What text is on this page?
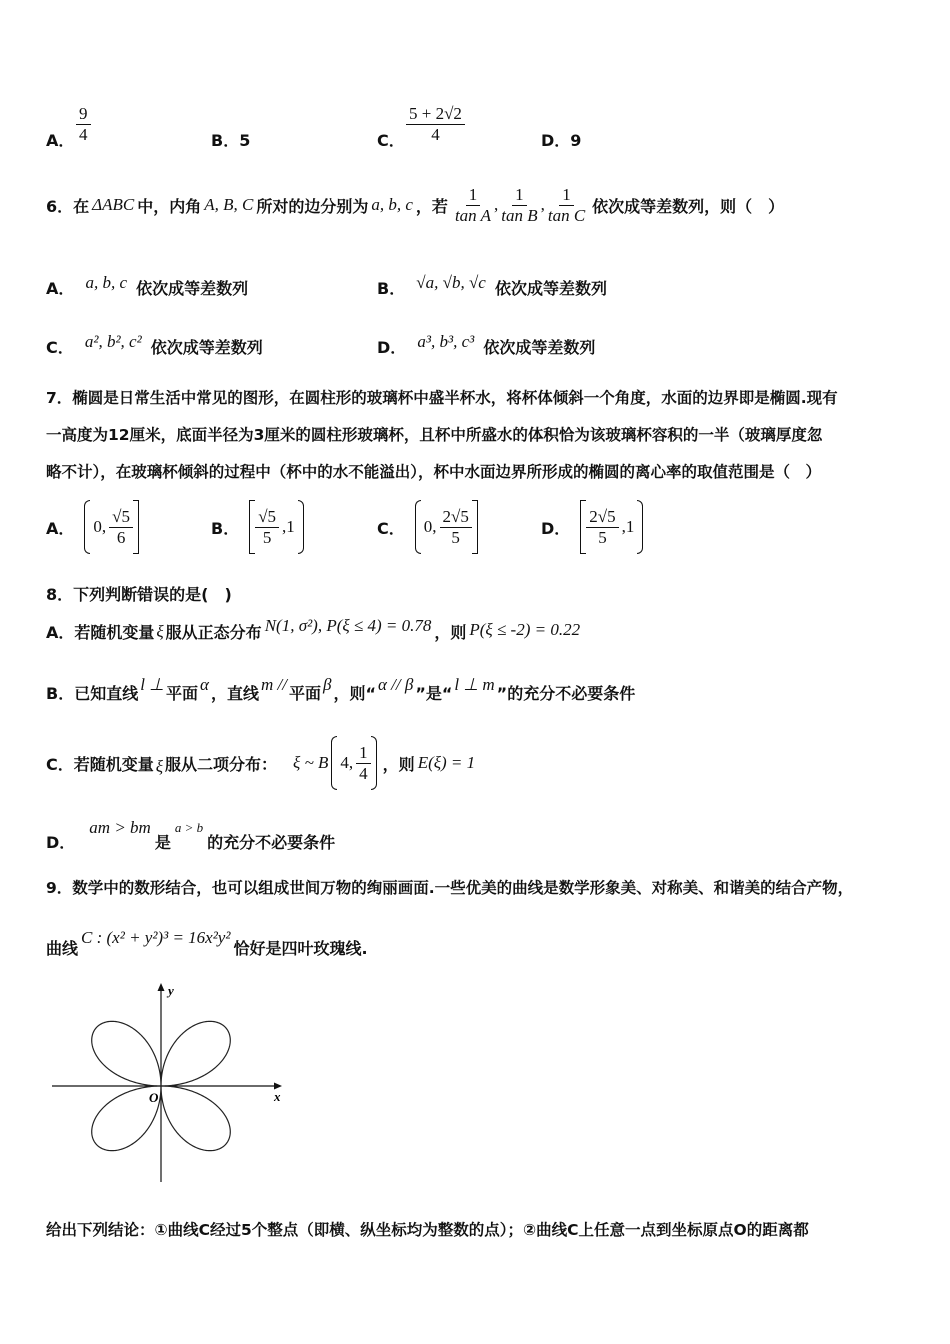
A． $\frac{9}{4}$	B．5	C． $\frac{5 + 2√2}{4}$	D．9
6．在 ΔABC 中，内角 A, B, C 所对的边分别为 a, b, c ，若 $\frac{1}{\text{tan A}}$ , $\frac{1}{\text{tan B}}$ , $\frac{1}{\text{tan C}}$ 依次成等差数列，则（　）
A． a, b, c 依次成等差数列	B． √a, √b, √c 依次成等差数列
C． a², b², c² 依次成等差数列	D． a³, b³, c³ 依次成等差数列
7．椭圆是日常生活中常见的图形，在圆柱形的玻璃杯中盛半杯水，将杯体倾斜一个角度，水面的边界即是椭圆.现有
一高度为12厘米，底面半径为3厘米的圆柱形玻璃杯，且杯中所盛水的体积恰为该玻璃杯容积的一半（玻璃厚度忽
略不计），在玻璃杯倾斜的过程中（杯中的水不能溢出），杯中水面边界所形成的椭圆的离心率的取值范围是（　）
A． 0, $\frac{√5}{6}$	B． $\frac{√5}{5} ,1$	C． 0, $\frac{2√5}{5}$	D． $\frac{2√5}{5} ,1$
8．下列判断错误的是(　)
A．若随机变量 ξ 服从正态分布 N(1, σ²), P(ξ ≤ 4) = 0.78 ，则 P(ξ ≤ -2) = 0.22
B．已知直线 l ⊥ 平面 α ，直线 m // 平面 β ，则“ α // β ”是“ l ⊥ m ”的充分不必要条件
C．若随机变量 ξ 服从二项分布： ξ ~ B 4, $\frac{1}{4}$ ，则 E(ξ) = 1
D．
am > bm
是
a > b
的充分不必要条件
9．数学中的数形结合，也可以组成世间万物的绚丽画面.一些优美的曲线是数学形象美、对称美、和谐美的结合产物，
曲线
C : (x² + y²)³ = 16x²y²
恰好是四叶玫瑰线.
y
x
O
给出下列结论：①曲线C经过5个整点（即横、纵坐标均为整数的点）；②曲线C上任意一点到坐标原点O的距离都
